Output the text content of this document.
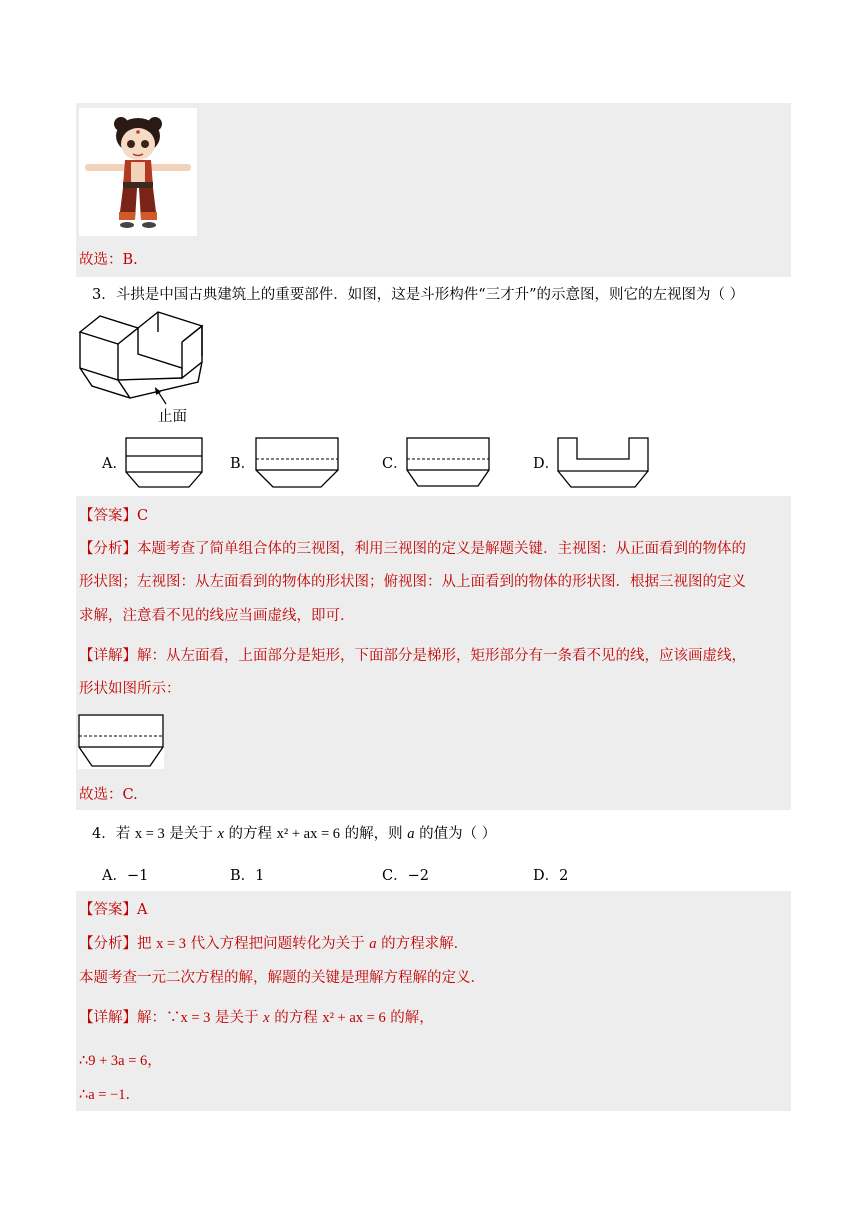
故选：B.
3．斗拱是中国古典建筑上的重要部件．如图，这是斗形构件“三才升”的示意图，则它的左视图为（ ）
止面
A．	B．	C．	D．
【答案】C
【分析】本题考查了简单组合体的三视图，利用三视图的定义是解题关键．主视图：从正面看到的物体的
形状图；左视图：从左面看到的物体的形状图；俯视图：从上面看到的物体的形状图．根据三视图的定义
求解，注意看不见的线应当画虚线，即可．
【详解】解：从左面看，上面部分是矩形，下面部分是梯形，矩形部分有一条看不见的线，应该画虚线，
形状如图所示：
故选：C.
4．若 x = 3 是关于 x 的方程 x² + ax = 6 的解，则 a 的值为（ ）
A．−1	B．1	C．−2	D．2
【答案】A
【分析】把 x = 3 代入方程把问题转化为关于 a 的方程求解．
本题考查一元二次方程的解，解题的关键是理解方程解的定义．
【详解】解：∵x = 3 是关于 x 的方程 x² + ax = 6 的解，
∴9 + 3a = 6，
∴a = −1．
